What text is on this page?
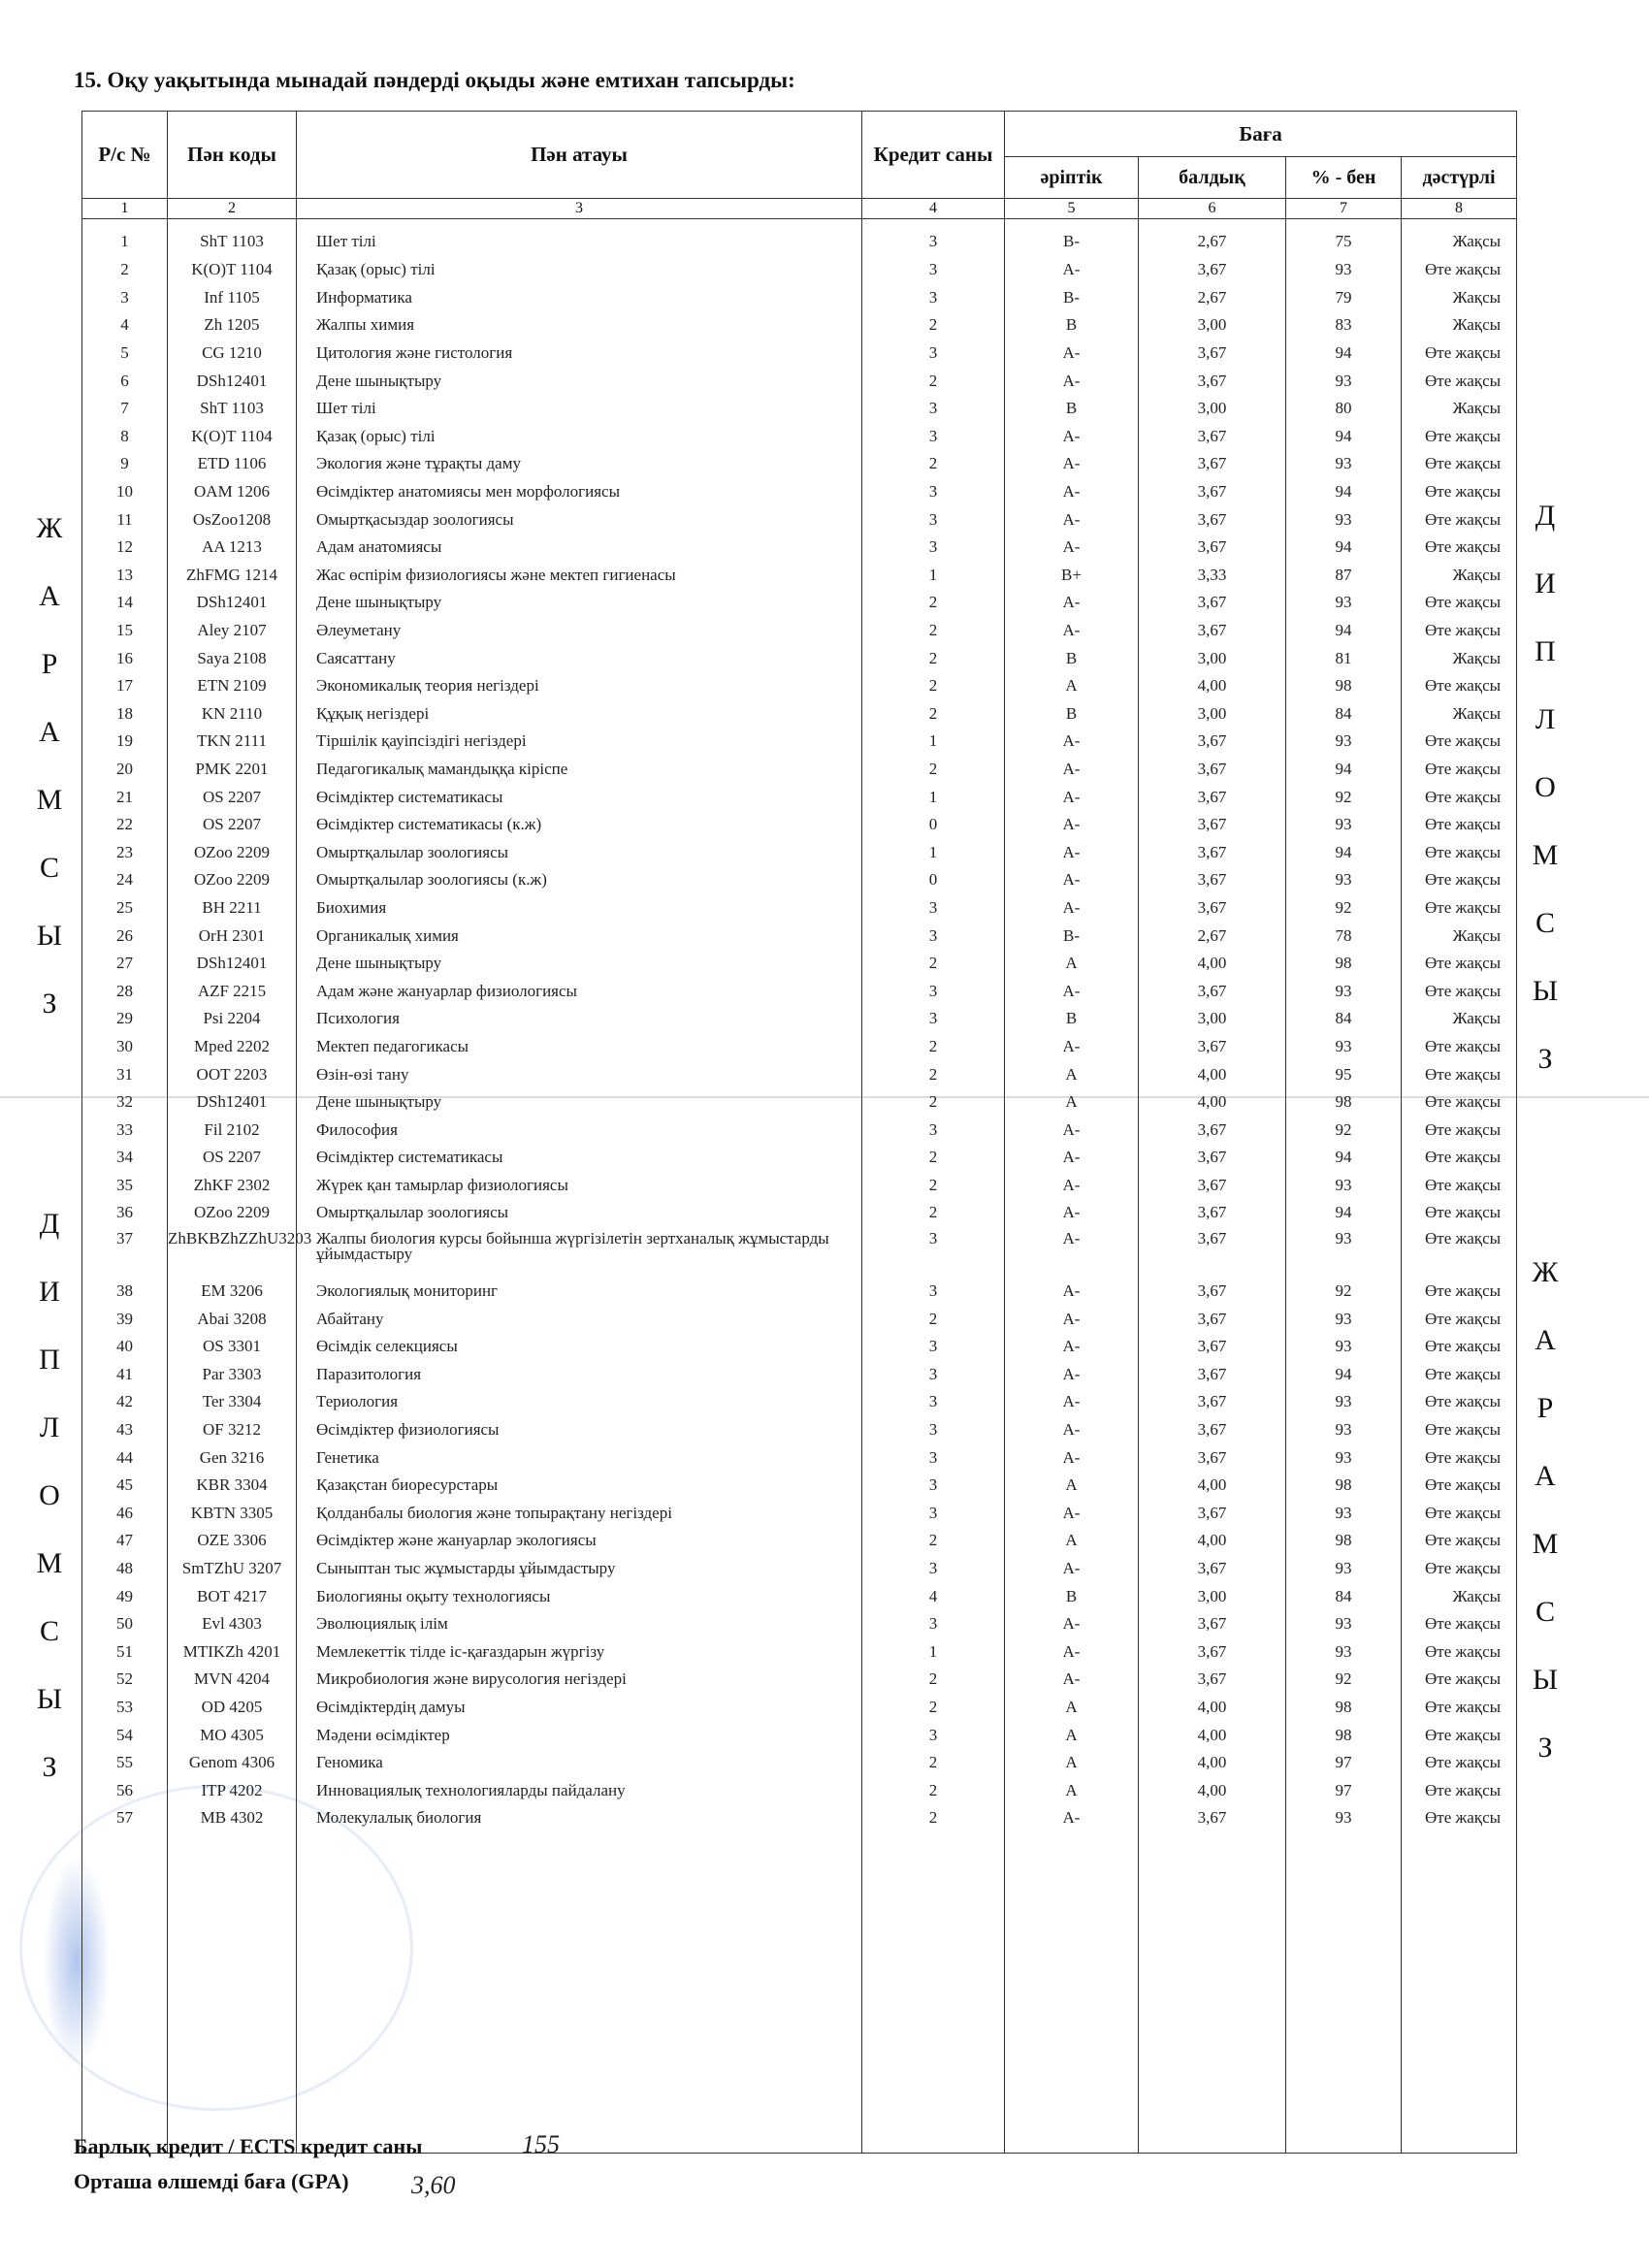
15. Оқу уақытында мынадай пәндерді оқыды және емтихан тапсырды:
Р/с №	Пән коды	Пән атауы	Кредит саны	Баға			
				әріптік	балдық	% - бен	дәстүрлі
1	2	3	4	5	6	7	8
1	ShT 1103	Шет тілі	3	B-	2,67	75	Жақсы
2	K(O)T 1104	Қазақ (орыс) тілі	3	A-	3,67	93	Өте жақсы
3	Inf 1105	Информатика	3	B-	2,67	79	Жақсы
4	Zh 1205	Жалпы химия	2	B	3,00	83	Жақсы
5	CG 1210	Цитология және гистология	3	A-	3,67	94	Өте жақсы
6	DSh12401	Дене шынықтыру	2	A-	3,67	93	Өте жақсы
7	ShT 1103	Шет тілі	3	B	3,00	80	Жақсы
8	K(O)T 1104	Қазақ (орыс) тілі	3	A-	3,67	94	Өте жақсы
9	ETD 1106	Экология және тұрақты даму	2	A-	3,67	93	Өте жақсы
10	OAM 1206	Өсімдіктер анатомиясы мен морфологиясы	3	A-	3,67	94	Өте жақсы
11	OsZoo1208	Омыртқасыздар зоологиясы	3	A-	3,67	93	Өте жақсы
12	AA 1213	Адам анатомиясы	3	A-	3,67	94	Өте жақсы
13	ZhFMG 1214	Жас өспірім физиологиясы және мектеп гигиенасы	1	B+	3,33	87	Жақсы
14	DSh12401	Дене шынықтыру	2	A-	3,67	93	Өте жақсы
15	Aley 2107	Әлеуметану	2	A-	3,67	94	Өте жақсы
16	Saya 2108	Саясаттану	2	B	3,00	81	Жақсы
17	ETN 2109	Экономикалық теория негіздері	2	A	4,00	98	Өте жақсы
18	KN 2110	Құқық негіздері	2	B	3,00	84	Жақсы
19	TKN 2111	Тіршілік қауіпсіздігі негіздері	1	A-	3,67	93	Өте жақсы
20	PMK 2201	Педагогикалық мамандыққа кіріспе	2	A-	3,67	94	Өте жақсы
21	OS 2207	Өсімдіктер систематикасы	1	A-	3,67	92	Өте жақсы
22	OS 2207	Өсімдіктер систематикасы (к.ж)	0	A-	3,67	93	Өте жақсы
23	OZoo 2209	Омыртқалылар зоологиясы	1	A-	3,67	94	Өте жақсы
24	OZoo 2209	Омыртқалылар зоологиясы (к.ж)	0	A-	3,67	93	Өте жақсы
25	BH 2211	Биохимия	3	A-	3,67	92	Өте жақсы
26	OrH 2301	Органикалық химия	3	B-	2,67	78	Жақсы
27	DSh12401	Дене шынықтыру	2	A	4,00	98	Өте жақсы
28	AZF 2215	Адам және жануарлар физиологиясы	3	A-	3,67	93	Өте жақсы
29	Psi 2204	Психология	3	B	3,00	84	Жақсы
30	Mped 2202	Мектеп педагогикасы	2	A-	3,67	93	Өте жақсы
31	OOT 2203	Өзін-өзі тану	2	A	4,00	95	Өте жақсы
32	DSh12401	Дене шынықтыру	2	A	4,00	98	Өте жақсы
33	Fil 2102	Философия	3	A-	3,67	92	Өте жақсы
34	OS 2207	Өсімдіктер систематикасы	2	A-	3,67	94	Өте жақсы
35	ZhKF 2302	Жүрек қан тамырлар физиологиясы	2	A-	3,67	93	Өте жақсы
36	OZoo 2209	Омыртқалылар зоологиясы	2	A-	3,67	94	Өте жақсы
37	ZhBKBZhZZhU3203	Жалпы биология курсы бойынша жүргізілетін зертханалық жұмыстарды ұйымдастыру	3	A-	3,67	93	Өте жақсы
38	EM 3206	Экологиялық мониторинг	3	A-	3,67	92	Өте жақсы
39	Abai 3208	Абайтану	2	A-	3,67	93	Өте жақсы
40	OS 3301	Өсімдік селекциясы	3	A-	3,67	93	Өте жақсы
41	Par 3303	Паразитология	3	A-	3,67	94	Өте жақсы
42	Ter 3304	Териология	3	A-	3,67	93	Өте жақсы
43	OF 3212	Өсімдіктер физиологиясы	3	A-	3,67	93	Өте жақсы
44	Gen 3216	Генетика	3	A-	3,67	93	Өте жақсы
45	KBR 3304	Қазақстан биоресурстары	3	A	4,00	98	Өте жақсы
46	KBTN 3305	Қолданбалы биология және топырақтану негіздері	3	A-	3,67	93	Өте жақсы
47	OZE 3306	Өсімдіктер және жануарлар экологиясы	2	A	4,00	98	Өте жақсы
48	SmTZhU 3207	Сыныптан тыс жұмыстарды ұйымдастыру	3	A-	3,67	93	Өте жақсы
49	BOT 4217	Биологияны оқыту технологиясы	4	B	3,00	84	Жақсы
50	Evl 4303	Эволюциялық ілім	3	A-	3,67	93	Өте жақсы
51	MTIKZh 4201	Мемлекеттік тілде іс-қағаздарын жүргізу	1	A-	3,67	93	Өте жақсы
52	MVN 4204	Микробиология және вирусология негіздері	2	A-	3,67	92	Өте жақсы
53	OD 4205	Өсімдіктердің дамуы	2	A	4,00	98	Өте жақсы
54	MO 4305	Мәдени өсімдіктер	3	A	4,00	98	Өте жақсы
55	Genom 4306	Геномика	2	A	4,00	97	Өте жақсы
56	ITP 4202	Инновациялық технологияларды пайдалану	2	A	4,00	97	Өте жақсы
57	MB 4302	Молекулалық биология	2	A-	3,67	93	Өте жақсы

Ж
А
Р
А
М
С
Ы
З
Д
И
П
Л
О
М
С
Ы
З
Д
И
П
Л
О
М
С
Ы
З
Ж
А
Р
А
М
С
Ы
З
Барлық кредит / ECTS кредит саны	155
Орташа өлшемді баға (GPA) 3,60
